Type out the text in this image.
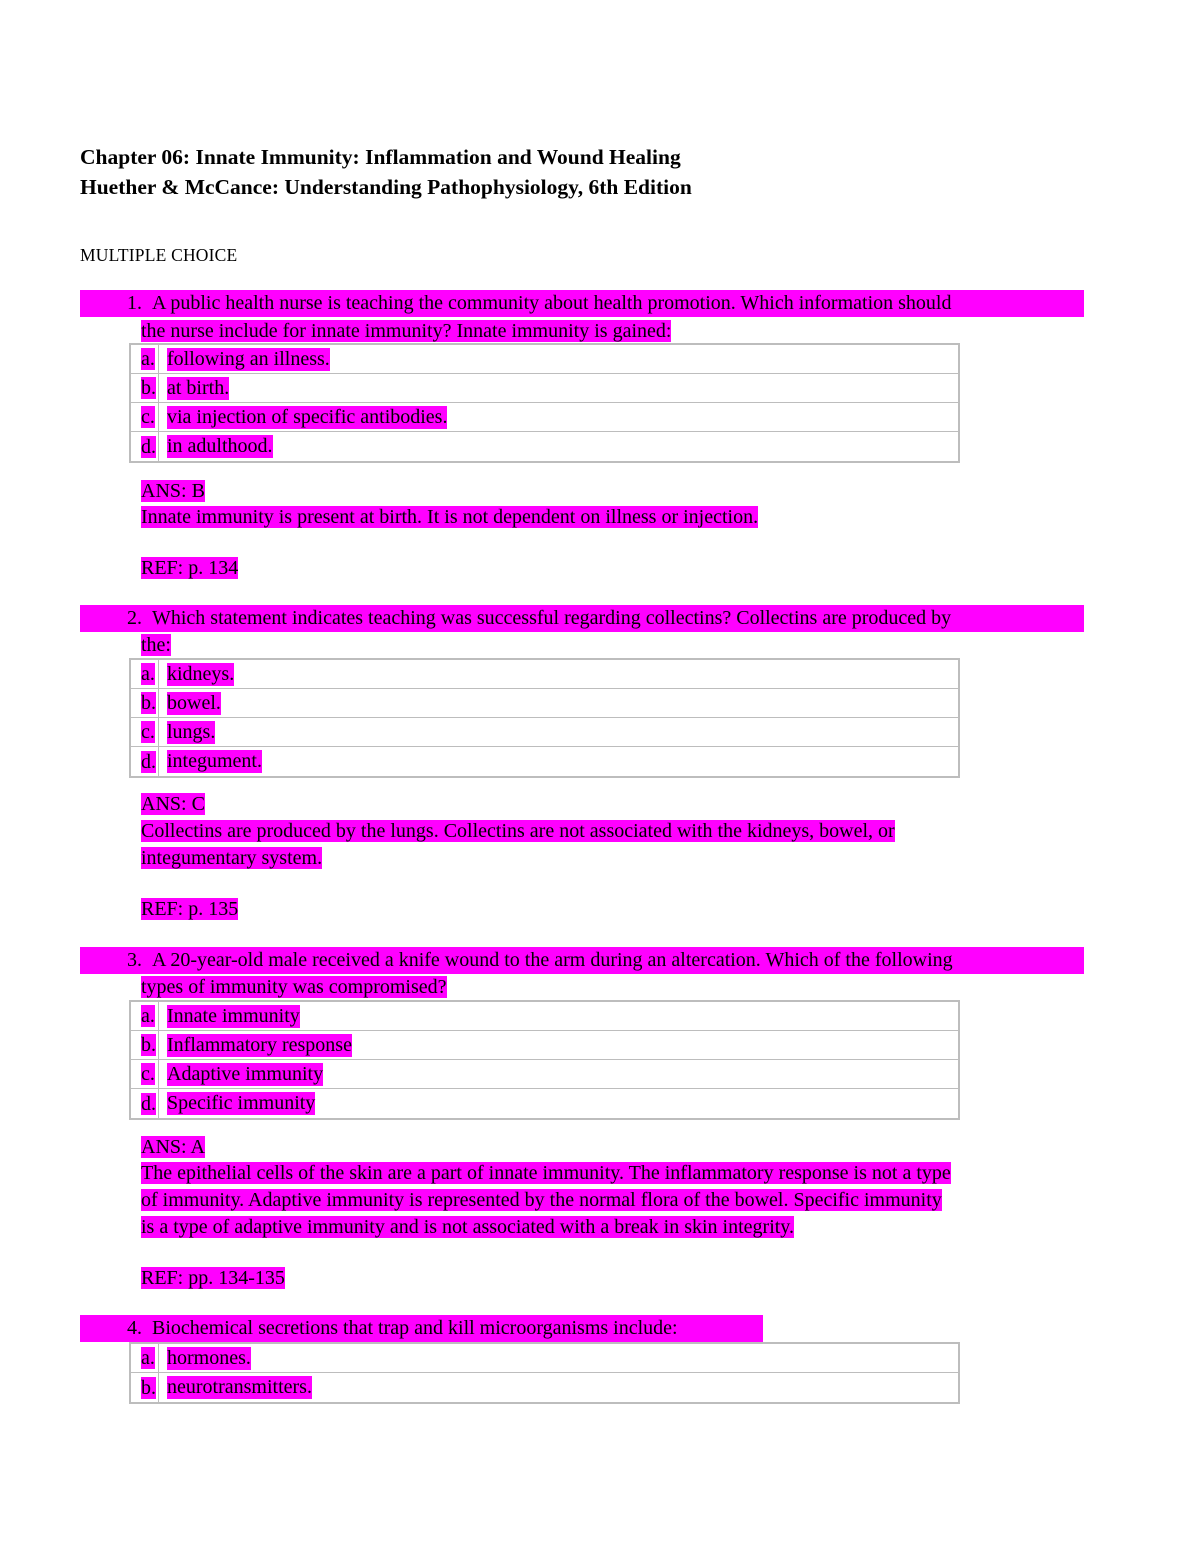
Chapter 06: Innate Immunity: Inflammation and Wound Healing
Huether & McCance: Understanding Pathophysiology, 6th Edition
MULTIPLE CHOICE
1. A public health nurse is teaching the community about health promotion. Which information should
the nurse include for innate immunity? Innate immunity is gained:
a. following an illness.
b. at birth.
c. via injection of specific antibodies.
d. in adulthood.
ANS: B
Innate immunity is present at birth. It is not dependent on illness or injection.
REF: p. 134
2. Which statement indicates teaching was successful regarding collectins? Collectins are produced by
the:
a. kidneys.
b. bowel.
c. lungs.
d. integument.
ANS: C
Collectins are produced by the lungs. Collectins are not associated with the kidneys, bowel, or
integumentary system.
REF: p. 135
3. A 20-year-old male received a knife wound to the arm during an altercation. Which of the following
types of immunity was compromised?
a. Innate immunity
b. Inflammatory response
c. Adaptive immunity
d. Specific immunity
ANS: A
The epithelial cells of the skin are a part of innate immunity. The inflammatory response is not a type
of immunity. Adaptive immunity is represented by the normal flora of the bowel. Specific immunity
is a type of adaptive immunity and is not associated with a break in skin integrity.
REF: pp. 134-135
4. Biochemical secretions that trap and kill microorganisms include:
a. hormones.
b. neurotransmitters.
